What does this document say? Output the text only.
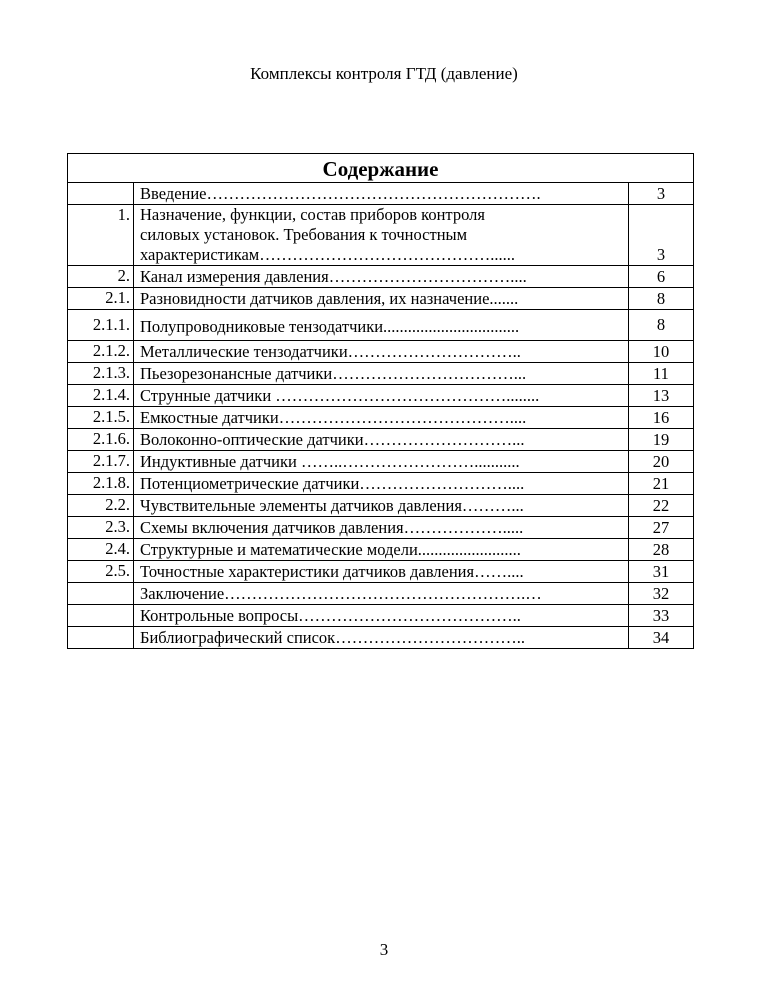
Комплексы контроля ГТД (давление)
Содержание		

	Введение…………………………………………………….	3
1.	Назначение, функции, состав приборов контроля
силовых установок. Требования к точностным
характеристикам……………………………………......	3
2.	Канал измерения давления……………………………....	6
2.1.	Разновидности датчиков давления, их назначение.......	8
2.1.1.	Полупроводниковые тензодатчики.................................	8
2.1.2.	Металлические тензодатчики…………………………..	10
2.1.3.	Пьезорезонансные датчики……………………………...	11
2.1.4.	Струнные датчики ……………………………………........	13
2.1.5.	Емкостные датчики……………………………………....	16
2.1.6.	Волоконно-оптические датчики………………………...	19
2.1.7.	Индуктивные датчики ……..……………………...........	20
2.1.8.	Потенциометрические датчики………………………....	21
2.2.	Чувствительные элементы датчиков давления………...	22
2.3.	Схемы включения датчиков давления……………….....	27
2.4.	Структурные и математические модели.........................	28
2.5.	Точностные характеристики датчиков давления……....	31

	Заключение……………………………………………….…	32

	Контрольные вопросы…………………………………..	33

	Библиографический список……………………………..	34
3
